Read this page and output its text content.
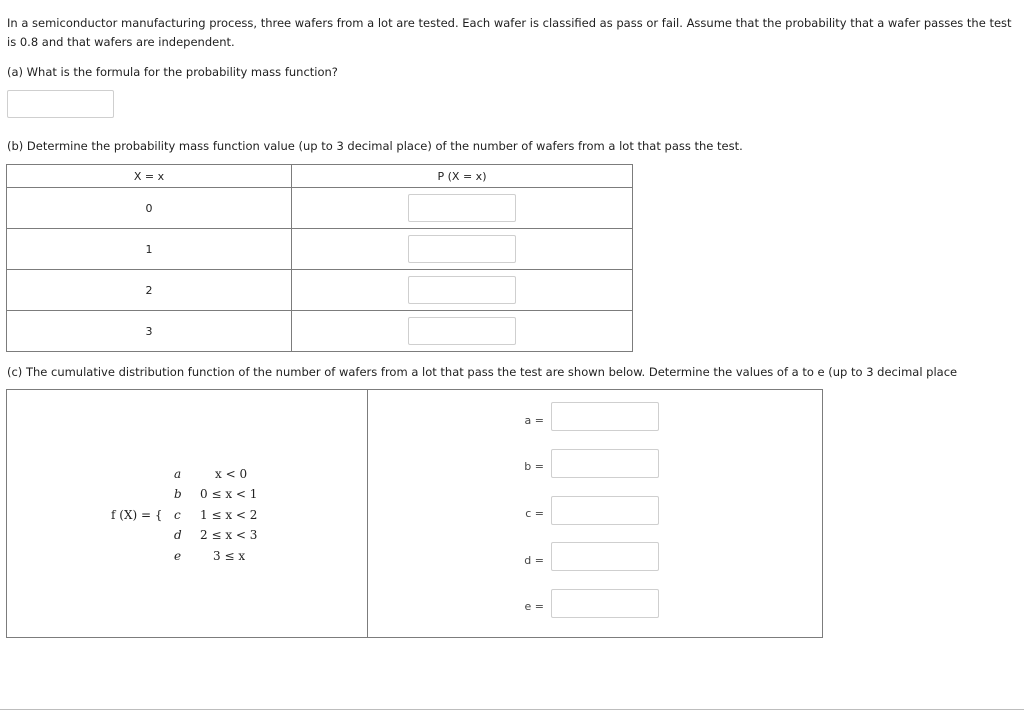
In a semiconductor manufacturing process, three wafers from a lot are tested. Each wafer is classified as pass or fail. Assume that the probability that a wafer passes the test is 0.8 and that wafers are independent.
(a) What is the formula for the probability mass function?
(b) Determine the probability mass function value (up to 3 decimal place) of the number of wafers from a lot that pass the test.
X = x	P (X = x)
0	

1	

2	

3	
(c) The cumulative distribution function of the number of wafers from a lot that pass the test are shown below. Determine the values of a to e (up to 3 decimal place
f (X) = {
a	x < 0
b 0 ≤ x < 1
c 1 ≤ x < 2
d 2 ≤ x < 3
e	3 ≤ x

a =
b =
c =
d =
e =
